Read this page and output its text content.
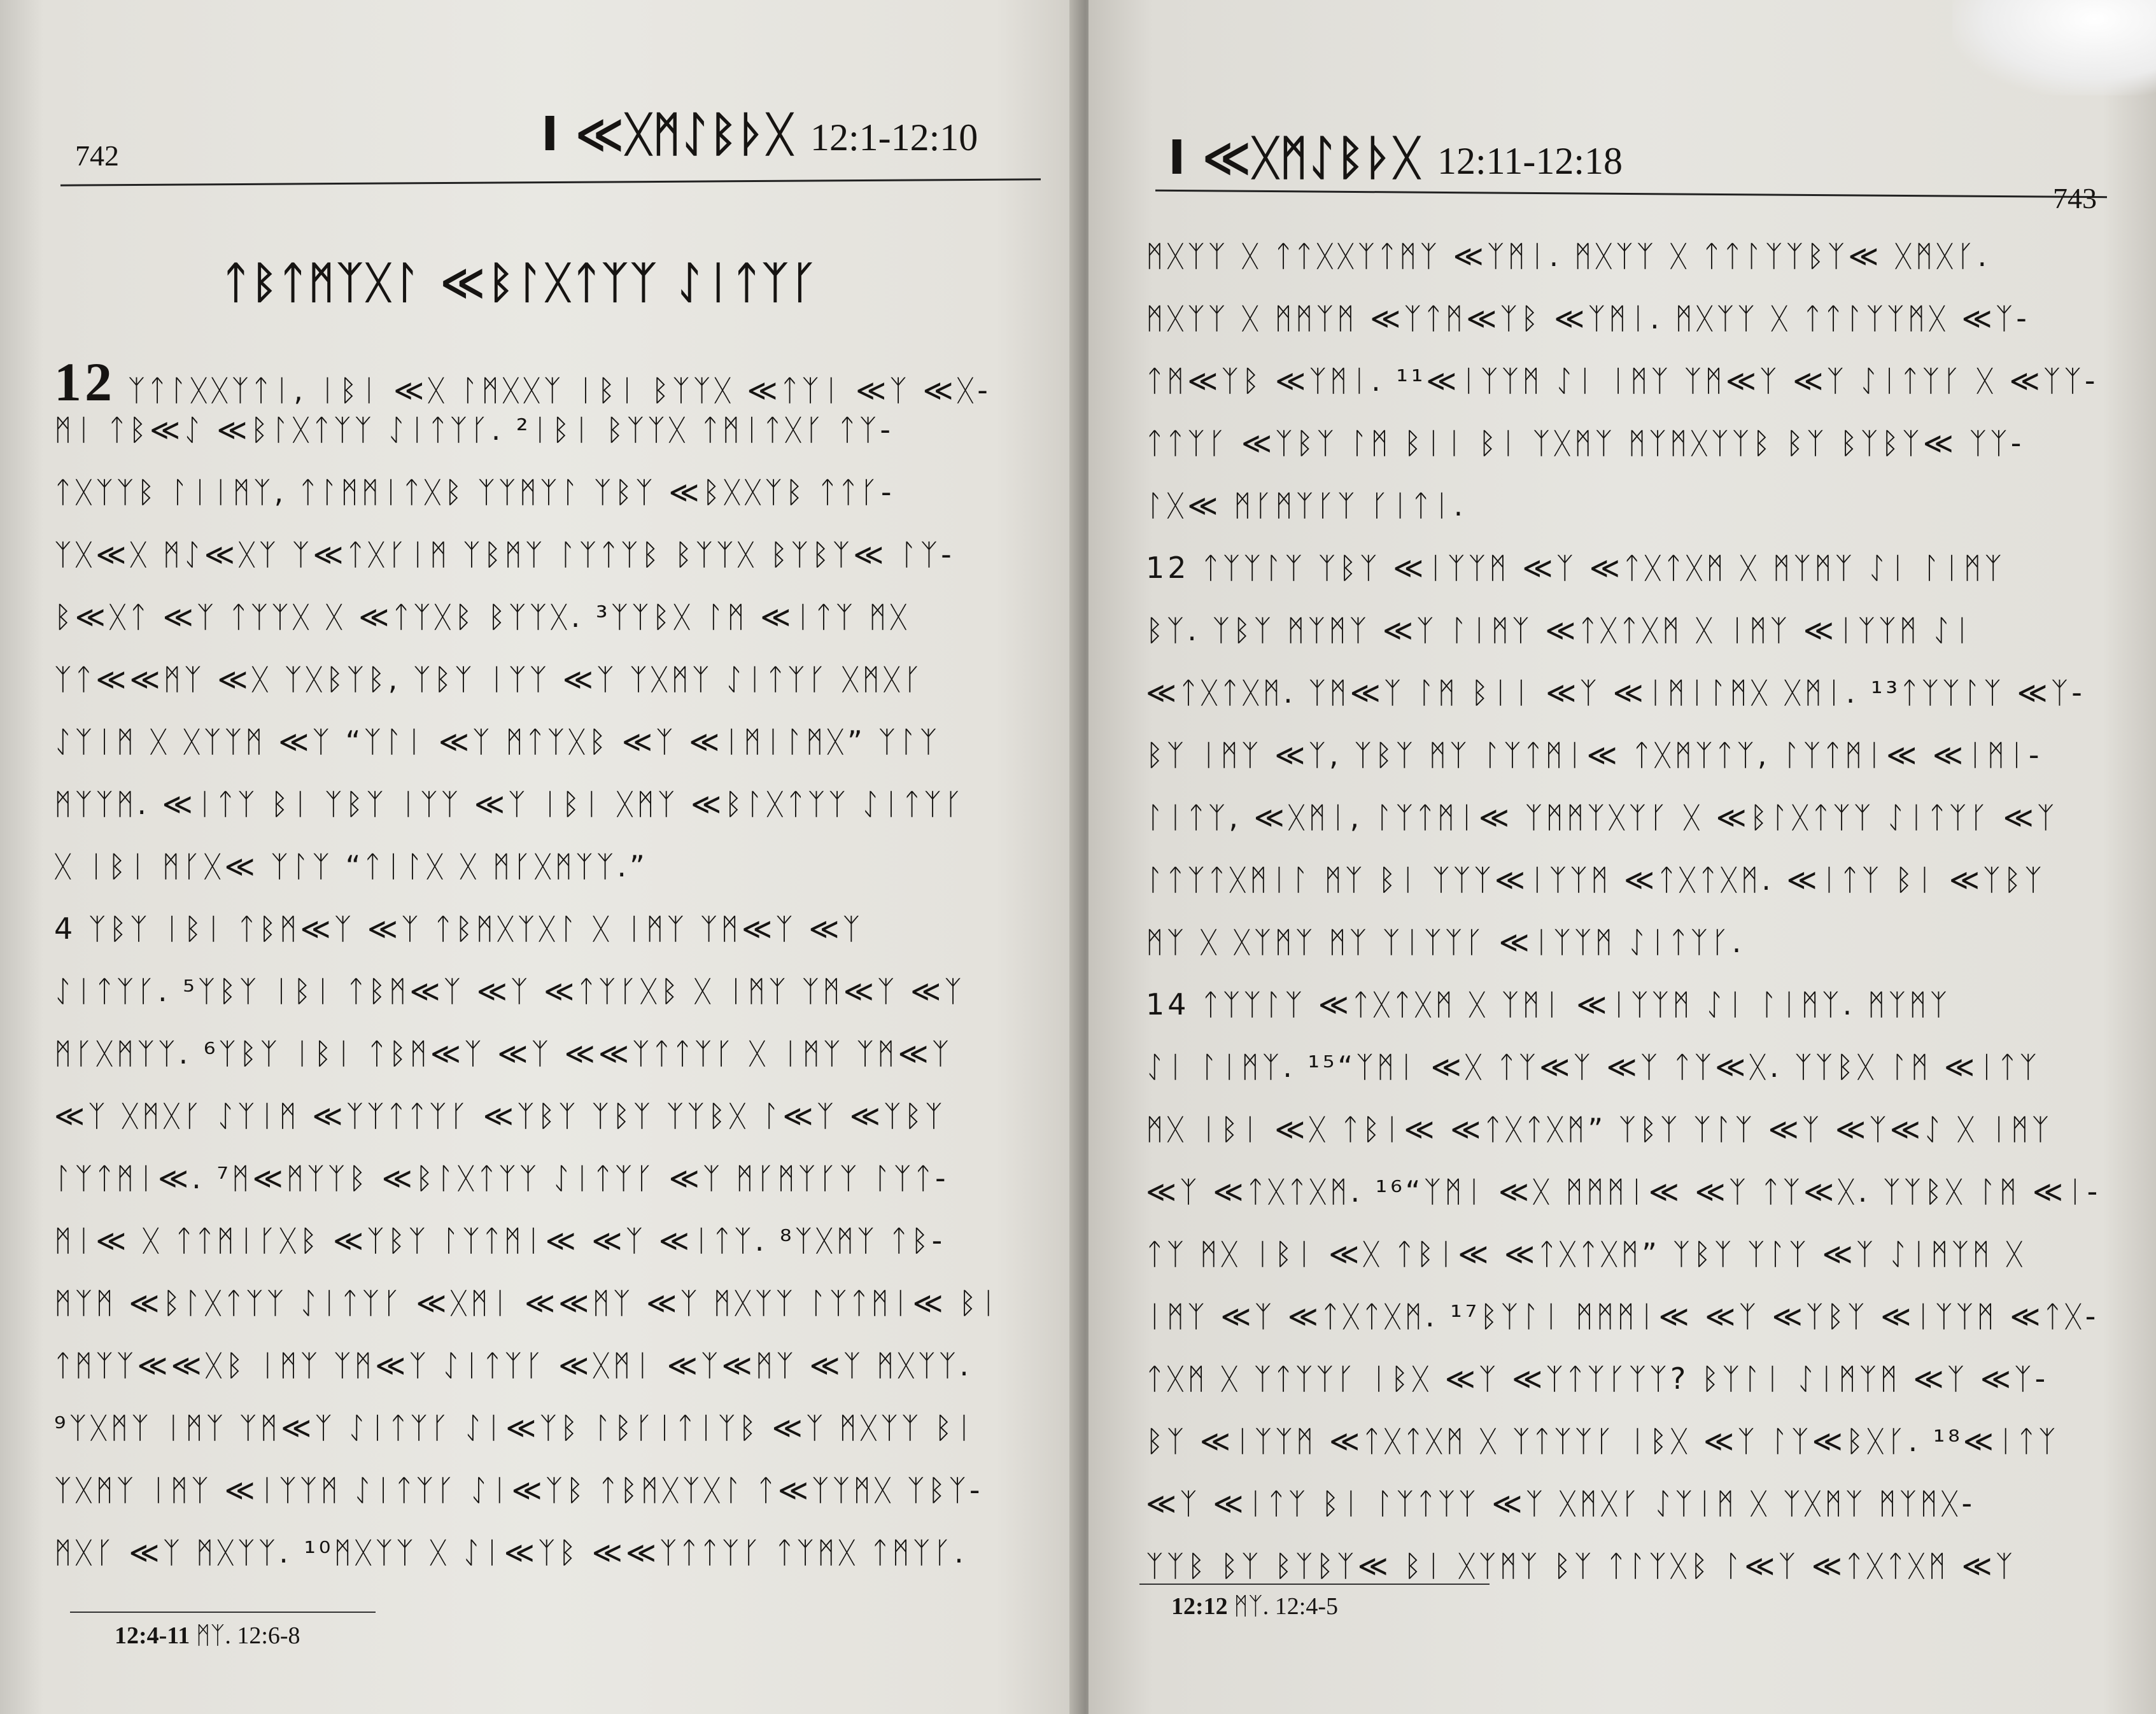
742	I ≪ᚷᛗᛇᛒᚦᚷ 12:1-12:10
ᛏᛒᛏᛗᛉᚷᛚ ≪ᛒᛚᚷᛏᛉᛉ ᛇᛁᛏᛉᚴ
12 ᛉᛏᛚᚷᚷᛉᛏᛁ, ᛁᛒᛁ ≪ᚷ ᛚᛗᚷᚷᛉ ᛁᛒᛁ ᛒᛉᛉᚷ ≪ᛏᛉᛁ ≪ᛉ ≪ᚷ-
ᛗᛁ ᛏᛒ≪ᛇ ≪ᛒᛚᚷᛏᛉᛉ ᛇᛁᛏᛉᚴ. ²ᛁᛒᛁ ᛒᛉᛉᚷ ᛏᛗᛁᛏᚷᚴ ᛏᛉ-
ᛏᚷᛉᛉᛒ ᛚᛁᛁᛗᛉ, ᛏᛚᛗᛗᛁᛏᚷᛒ ᛉᛉᛗᛉᛚ ᛉᛒᛉ ≪ᛒᚷᚷᛉᛒ ᛏᛏᚴ-
ᛉᚷ≪ᚷ ᛗᛇ≪ᚷᛉ ᛉ≪ᛏᚷᚴᛁᛗ ᛉᛒᛗᛉ ᛚᛉᛏᛉᛒ ᛒᛉᛉᚷ ᛒᛉᛒᛉ≪ ᛚᛉ-
ᛒ≪ᚷᛏ ≪ᛉ ᛏᛉᛉᚷ ᚷ ≪ᛏᛉᚷᛒ ᛒᛉᛉᚷ. ³ᛉᛉᛒᚷ ᛚᛗ ≪ᛁᛏᛉ ᛗᚷ
ᛉᛏ≪≪ᛗᛉ ≪ᚷ ᛉᚷᛒᛉᛒ, ᛉᛒᛉ ᛁᛉᛉ ≪ᛉ ᛉᚷᛗᛉ ᛇᛁᛏᛉᚴ ᚷᛗᚷᚴ
ᛇᛉᛁᛗ ᚷ ᚷᛉᛉᛗ ≪ᛉ “ᛉᛚᛁ ≪ᛉ ᛗᛏᛉᚷᛒ ≪ᛉ ≪ᛁᛗᛁᛚᛗᚷ” ᛉᛚᛉ
ᛗᛉᛉᛗ. ≪ᛁᛏᛉ ᛒᛁ ᛉᛒᛉ ᛁᛉᛉ ≪ᛉ ᛁᛒᛁ ᚷᛗᛉ ≪ᛒᛚᚷᛏᛉᛉ ᛇᛁᛏᛉᚴ
ᚷ ᛁᛒᛁ ᛗᚴᚷ≪ ᛉᛚᛉ “ᛏᛁᛚᚷ ᚷ ᛗᚴᚷᛗᛉᛉ.”
4 ᛉᛒᛉ ᛁᛒᛁ ᛏᛒᛗ≪ᛉ ≪ᛉ ᛏᛒᛗᚷᛉᚷᛚ ᚷ ᛁᛗᛉ ᛉᛗ≪ᛉ ≪ᛉ
ᛇᛁᛏᛉᚴ. ⁵ᛉᛒᛉ ᛁᛒᛁ ᛏᛒᛗ≪ᛉ ≪ᛉ ≪ᛏᛉᚴᚷᛒ ᚷ ᛁᛗᛉ ᛉᛗ≪ᛉ ≪ᛉ
ᛗᚴᚷᛗᛉᛉ. ⁶ᛉᛒᛉ ᛁᛒᛁ ᛏᛒᛗ≪ᛉ ≪ᛉ ≪≪ᛉᛏᛏᛉᚴ ᚷ ᛁᛗᛉ ᛉᛗ≪ᛉ
≪ᛉ ᚷᛗᚷᚴ ᛇᛉᛁᛗ ≪ᛉᛉᛏᛏᛉᚴ ≪ᛉᛒᛉ ᛉᛒᛉ ᛉᛉᛒᚷ ᛚ≪ᛉ ≪ᛉᛒᛉ
ᛚᛉᛏᛗᛁ≪. ⁷ᛗ≪ᛗᛉᛉᛒ ≪ᛒᛚᚷᛏᛉᛉ ᛇᛁᛏᛉᚴ ≪ᛉ ᛗᚴᛗᛉᚴᛉ ᛚᛉᛏ-
ᛗᛁ≪ ᚷ ᛏᛏᛗᛁᚴᚷᛒ ≪ᛉᛒᛉ ᛚᛉᛏᛗᛁ≪ ≪ᛉ ≪ᛁᛏᛉ. ⁸ᛉᚷᛗᛉ ᛏᛒ-
ᛗᛉᛗ ≪ᛒᛚᚷᛏᛉᛉ ᛇᛁᛏᛉᚴ ≪ᚷᛗᛁ ≪≪ᛗᛉ ≪ᛉ ᛗᚷᛉᛉ ᛚᛉᛏᛗᛁ≪ ᛒᛁ
ᛏᛗᛉᛉ≪≪ᚷᛒ ᛁᛗᛉ ᛉᛗ≪ᛉ ᛇᛁᛏᛉᚴ ≪ᚷᛗᛁ ≪ᛉ≪ᛗᛉ ≪ᛉ ᛗᚷᛉᛉ.
⁹ᛉᚷᛗᛉ ᛁᛗᛉ ᛉᛗ≪ᛉ ᛇᛁᛏᛉᚴ ᛇᛁ≪ᛉᛒ ᛚᛒᚴᛁᛏᛁᛉᛒ ≪ᛉ ᛗᚷᛉᛉ ᛒᛁ
ᛉᚷᛗᛉ ᛁᛗᛉ ≪ᛁᛉᛉᛗ ᛇᛁᛏᛉᚴ ᛇᛁ≪ᛉᛒ ᛏᛒᛗᚷᛉᚷᛚ ᛏ≪ᛉᛉᛗᚷ ᛉᛒᛉ-
ᛗᚷᚴ ≪ᛉ ᛗᚷᛉᛉ. ¹⁰ᛗᚷᛉᛉ ᚷ ᛇᛁ≪ᛉᛒ ≪≪ᛉᛏᛏᛉᚴ ᛏᛉᛗᚷ ᛏᛗᛉᚴ.
12:4-11 ᛗᛉ. 12:6-8
I ≪ᚷᛗᛇᛒᚦᚷ 12:11-12:18
743
ᛗᚷᛉᛉ ᚷ ᛏᛏᚷᚷᛉᛏᛗᛉ ≪ᛉᛗᛁ. ᛗᚷᛉᛉ ᚷ ᛏᛏᛚᛉᛉᛒᛉ≪ ᚷᛗᚷᚴ.
ᛗᚷᛉᛉ ᚷ ᛗᛗᛉᛗ ≪ᛉᛏᛗ≪ᛉᛒ ≪ᛉᛗᛁ. ᛗᚷᛉᛉ ᚷ ᛏᛏᛚᛉᛉᛗᚷ ≪ᛉ-
ᛏᛗ≪ᛉᛒ ≪ᛉᛗᛁ. ¹¹≪ᛁᛉᛉᛗ ᛇᛁ ᛁᛗᛉ ᛉᛗ≪ᛉ ≪ᛉ ᛇᛁᛏᛉᚴ ᚷ ≪ᛉᛉ-
ᛏᛏᛉᚴ ≪ᛉᛒᛉ ᛚᛗ ᛒᛁᛁ ᛒᛁ ᛉᚷᛗᛉ ᛗᛉᛗᚷᛉᛉᛒ ᛒᛉ ᛒᛉᛒᛉ≪ ᛉᛉ-
ᛚᚷ≪ ᛗᚴᛗᛉᚴᛉ ᚴᛁᛏᛁ.
12 ᛏᛉᛉᛚᛉ ᛉᛒᛉ ≪ᛁᛉᛉᛗ ≪ᛉ ≪ᛏᚷᛏᚷᛗ ᚷ ᛗᛉᛗᛉ ᛇᛁ ᛚᛁᛗᛉ
ᛒᛉ. ᛉᛒᛉ ᛗᛉᛗᛉ ≪ᛉ ᛚᛁᛗᛉ ≪ᛏᚷᛏᚷᛗ ᚷ ᛁᛗᛉ ≪ᛁᛉᛉᛗ ᛇᛁ
≪ᛏᚷᛏᚷᛗ. ᛉᛗ≪ᛉ ᛚᛗ ᛒᛁᛁ ≪ᛉ ≪ᛁᛗᛁᛚᛗᚷ ᚷᛗᛁ. ¹³ᛏᛉᛉᛚᛉ ≪ᛉ-
ᛒᛉ ᛁᛗᛉ ≪ᛉ, ᛉᛒᛉ ᛗᛉ ᛚᛉᛏᛗᛁ≪ ᛏᚷᛗᛉᛏᛉ, ᛚᛉᛏᛗᛁ≪ ≪ᛁᛗᛁ-
ᛚᛁᛏᛉ, ≪ᚷᛗᛁ, ᛚᛉᛏᛗᛁ≪ ᛉᛗᛗᛉᚷᛉᚴ ᚷ ≪ᛒᛚᚷᛏᛉᛉ ᛇᛁᛏᛉᚴ ≪ᛉ
ᛚᛏᛉᛏᚷᛗᛁᛚ ᛗᛉ ᛒᛁ ᛉᛉᛉ≪ᛁᛉᛉᛗ ≪ᛏᚷᛏᚷᛗ. ≪ᛁᛏᛉ ᛒᛁ ≪ᛉᛒᛉ
ᛗᛉ ᚷ ᚷᛉᛗᛉ ᛗᛉ ᛉᛁᛉᛉᚴ ≪ᛁᛉᛉᛗ ᛇᛁᛏᛉᚴ.
14 ᛏᛉᛉᛚᛉ ≪ᛏᚷᛏᚷᛗ ᚷ ᛉᛗᛁ ≪ᛁᛉᛉᛗ ᛇᛁ ᛚᛁᛗᛉ. ᛗᛉᛗᛉ
ᛇᛁ ᛚᛁᛗᛉ. ¹⁵“ᛉᛗᛁ ≪ᚷ ᛏᛉ≪ᛉ ≪ᛉ ᛏᛉ≪ᚷ. ᛉᛉᛒᚷ ᛚᛗ ≪ᛁᛏᛉ
ᛗᚷ ᛁᛒᛁ ≪ᚷ ᛏᛒᛁ≪ ≪ᛏᚷᛏᚷᛗ” ᛉᛒᛉ ᛉᛚᛉ ≪ᛉ ≪ᛉ≪ᛇ ᚷ ᛁᛗᛉ
≪ᛉ ≪ᛏᚷᛏᚷᛗ. ¹⁶“ᛉᛗᛁ ≪ᚷ ᛗᛗᛗᛁ≪ ≪ᛉ ᛏᛉ≪ᚷ. ᛉᛉᛒᚷ ᛚᛗ ≪ᛁ-
ᛏᛉ ᛗᚷ ᛁᛒᛁ ≪ᚷ ᛏᛒᛁ≪ ≪ᛏᚷᛏᚷᛗ” ᛉᛒᛉ ᛉᛚᛉ ≪ᛉ ᛇᛁᛗᛉᛗ ᚷ
ᛁᛗᛉ ≪ᛉ ≪ᛏᚷᛏᚷᛗ. ¹⁷ᛒᛉᛚᛁ ᛗᛗᛗᛁ≪ ≪ᛉ ≪ᛉᛒᛉ ≪ᛁᛉᛉᛗ ≪ᛏᚷ-
ᛏᚷᛗ ᚷ ᛉᛏᛉᛉᚴ ᛁᛒᚷ ≪ᛉ ≪ᛉᛏᛉᚴᛉᛉ? ᛒᛉᛚᛁ ᛇᛁᛗᛉᛗ ≪ᛉ ≪ᛉ-
ᛒᛉ ≪ᛁᛉᛉᛗ ≪ᛏᚷᛏᚷᛗ ᚷ ᛉᛏᛉᛉᚴ ᛁᛒᚷ ≪ᛉ ᛚᛉ≪ᛒᚷᚴ. ¹⁸≪ᛁᛏᛉ
≪ᛉ ≪ᛁᛏᛉ ᛒᛁ ᛚᛉᛏᛉᛉ ≪ᛉ ᚷᛗᚷᚴ ᛇᛉᛁᛗ ᚷ ᛉᚷᛗᛉ ᛗᛉᛗᚷ-
ᛉᛉᛒ ᛒᛉ ᛒᛉᛒᛉ≪ ᛒᛁ ᚷᛉᛗᛉ ᛒᛉ ᛏᛚᛉᚷᛒ ᛚ≪ᛉ ≪ᛏᚷᛏᚷᛗ ≪ᛉ
12:12 ᛗᛉ. 12:4-5
